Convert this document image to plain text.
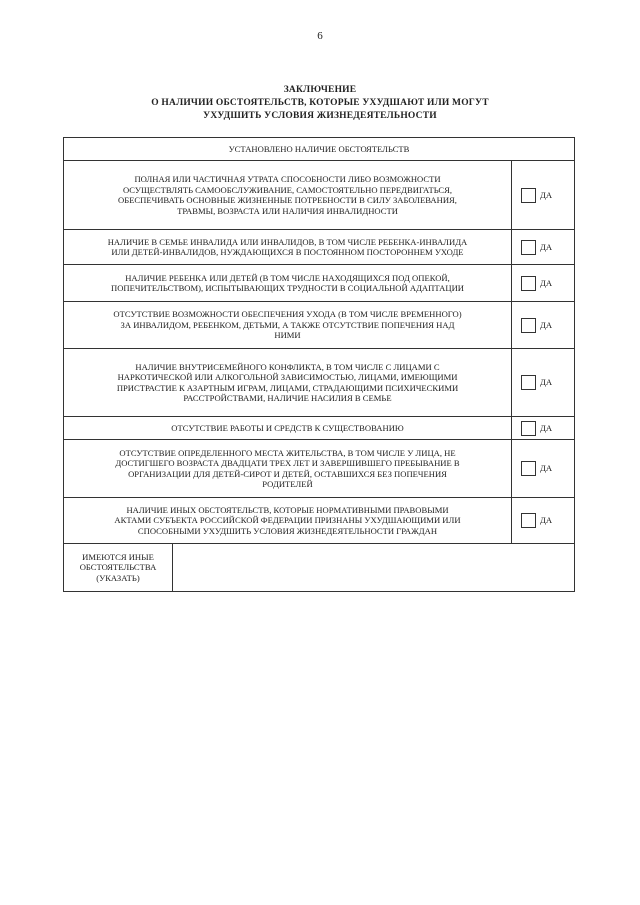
6
ЗАКЛЮЧЕНИЕ
О НАЛИЧИИ ОБСТОЯТЕЛЬСТВ, КОТОРЫЕ УХУДШАЮТ ИЛИ МОГУТ
УХУДШИТЬ УСЛОВИЯ ЖИЗНЕДЕЯТЕЛЬНОСТИ
УСТАНОВЛЕНО НАЛИЧИЕ ОБСТОЯТЕЛЬСТВ		

ПОЛНАЯ ИЛИ ЧАСТИЧНАЯ УТРАТА СПОСОБНОСТИ ЛИБО ВОЗМОЖНОСТИ
ОСУЩЕСТВЛЯТЬ САМООБСЛУЖИВАНИЕ, САМОСТОЯТЕЛЬНО ПЕРЕДВИГАТЬСЯ,
ОБЕСПЕЧИВАТЬ ОСНОВНЫЕ ЖИЗНЕННЫЕ ПОТРЕБНОСТИ В СИЛУ ЗАБОЛЕВАНИЯ,
ТРАВМЫ, ВОЗРАСТА ИЛИ НАЛИЧИЯ ИНВАЛИДНОСТИ		ДА

НАЛИЧИЕ В СЕМЬЕ ИНВАЛИДА ИЛИ ИНВАЛИДОВ, В ТОМ ЧИСЛЕ РЕБЕНКА-ИНВАЛИДА
ИЛИ ДЕТЕЙ-ИНВАЛИДОВ, НУЖДАЮЩИХСЯ В ПОСТОЯННОМ ПОСТОРОННЕМ УХОДЕ		ДА

НАЛИЧИЕ РЕБЕНКА ИЛИ ДЕТЕЙ (В ТОМ ЧИСЛЕ НАХОДЯЩИХСЯ ПОД ОПЕКОЙ,
ПОПЕЧИТЕЛЬСТВОМ), ИСПЫТЫВАЮЩИХ ТРУДНОСТИ В СОЦИАЛЬНОЙ АДАПТАЦИИ		ДА

ОТСУТСТВИЕ ВОЗМОЖНОСТИ ОБЕСПЕЧЕНИЯ УХОДА (В ТОМ ЧИСЛЕ ВРЕМЕННОГО)
ЗА ИНВАЛИДОМ, РЕБЕНКОМ, ДЕТЬМИ, А ТАКЖЕ ОТСУТСТВИЕ ПОПЕЧЕНИЯ НАД
НИМИ		ДА

НАЛИЧИЕ ВНУТРИСЕМЕЙНОГО КОНФЛИКТА, В ТОМ ЧИСЛЕ С ЛИЦАМИ С
НАРКОТИЧЕСКОЙ ИЛИ АЛКОГОЛЬНОЙ ЗАВИСИМОСТЬЮ, ЛИЦАМИ, ИМЕЮЩИМИ
ПРИСТРАСТИЕ К АЗАРТНЫМ ИГРАМ, ЛИЦАМИ, СТРАДАЮЩИМИ ПСИХИЧЕСКИМИ
РАССТРОЙСТВАМИ, НАЛИЧИЕ НАСИЛИЯ В СЕМЬЕ		ДА

ОТСУТСТВИЕ РАБОТЫ И СРЕДСТВ К СУЩЕСТВОВАНИЮ		ДА

ОТСУТСТВИЕ ОПРЕДЕЛЕННОГО МЕСТА ЖИТЕЛЬСТВА, В ТОМ ЧИСЛЕ У ЛИЦА, НЕ
ДОСТИГШЕГО ВОЗРАСТА ДВАДЦАТИ ТРЕХ ЛЕТ И ЗАВЕРШИВШЕГО ПРЕБЫВАНИЕ В
ОРГАНИЗАЦИИ ДЛЯ ДЕТЕЙ-СИРОТ И ДЕТЕЙ, ОСТАВШИХСЯ БЕЗ ПОПЕЧЕНИЯ
РОДИТЕЛЕЙ		ДА

НАЛИЧИЕ ИНЫХ ОБСТОЯТЕЛЬСТВ, КОТОРЫЕ НОРМАТИВНЫМИ ПРАВОВЫМИ
АКТАМИ СУБЪЕКТА РОССИЙСКОЙ ФЕДЕРАЦИИ ПРИЗНАНЫ УХУДШАЮЩИМИ ИЛИ
СПОСОБНЫМИ УХУДШИТЬ УСЛОВИЯ ЖИЗНЕДЕЯТЕЛЬНОСТИ ГРАЖДАН		ДА

ИМЕЮТСЯ ИНЫЕ
ОБСТОЯТЕЛЬСТВА
(УКАЗАТЬ)		
